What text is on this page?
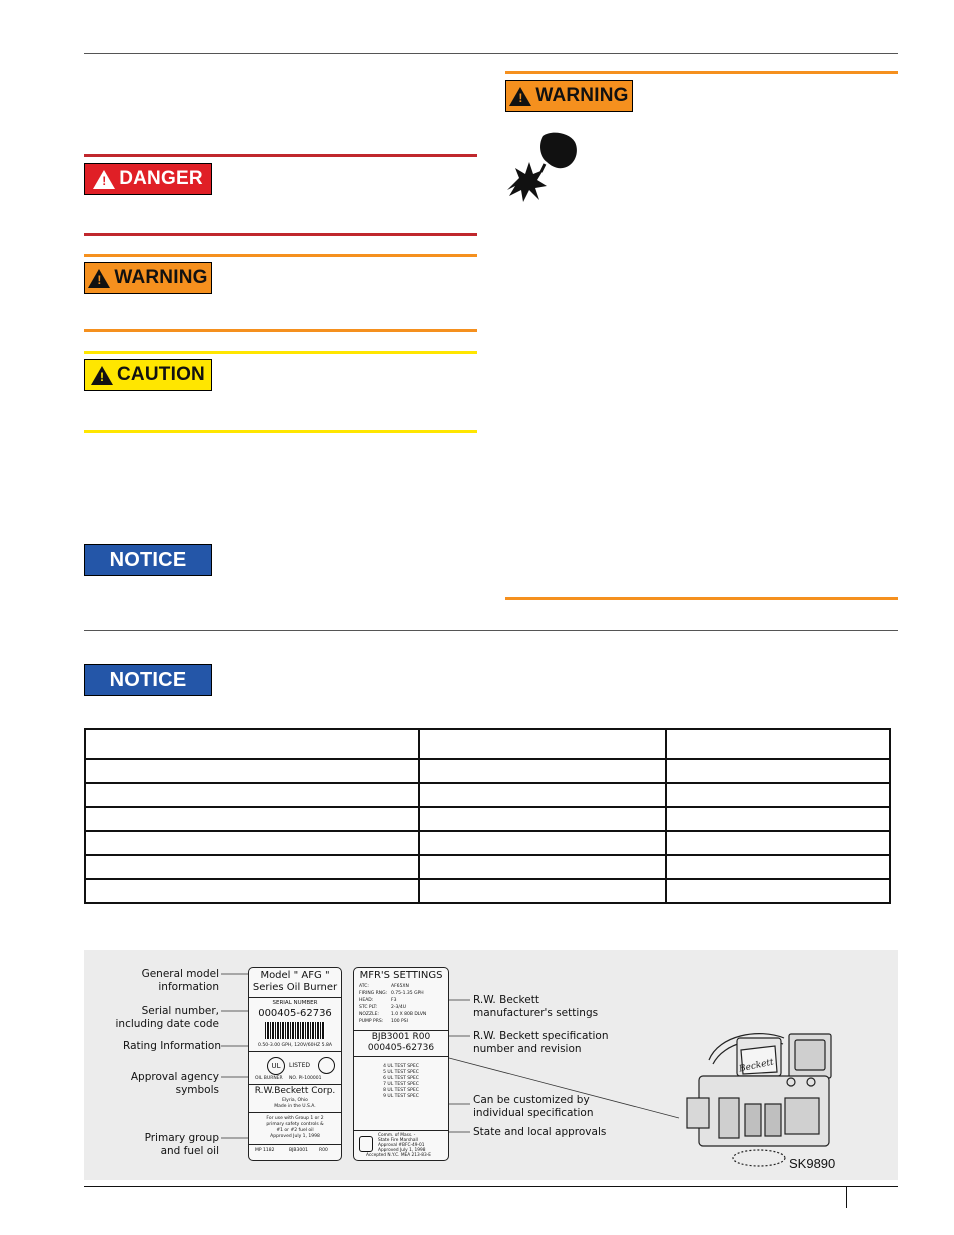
! DANGER
! WARNING
! CAUTION
NOTICE
! WARNING
NOTICE

General model
information
Serial number,
including date code
Rating Information
Approval agency
symbols
Primary group
and fuel oil
Model " AFG "
Series Oil Burner
SERIAL NUMBER
000405-62736
0.50-3.00 GPH, 120V/60HZ 5.8A
UL	LISTED
OIL BURNER NO. PI-100001
R.W.Beckett Corp.
Elyria, Ohio
Made in the U.S.A.
For use with Group 1 or 2
primary safety controls &
#1 or #2 fuel oil
Approved July 1, 1998
MP 1182	BJB3001 R00
MFR'S SETTINGS
ATC:	AF65XN
FIRING RNG: 0.75-1.35 GPH
HEAD:	F3
STC PLT:	2-3/4U
NOZZLE:	1.0 X 80B DLVN
PUMP PRS: 100 PSI
BJB3001 R00
000405-62736
4 UL TEST SPEC
5 UL TEST SPEC
6 UL TEST SPEC
7 UL TEST SPEC
8 UL TEST SPEC
9 UL TEST SPEC
Comm. of Mass. -
State Fire Marshall
Approval #BFC-49-01
Approved July 1, 1998
Accepted N.Y.C. MEA 213-83-E
R.W. Beckett
manufacturer's settings
R.W. Beckett specification
number and revision
Can be customized by
individual specification
State and local approvals
Beckett
SK9890
